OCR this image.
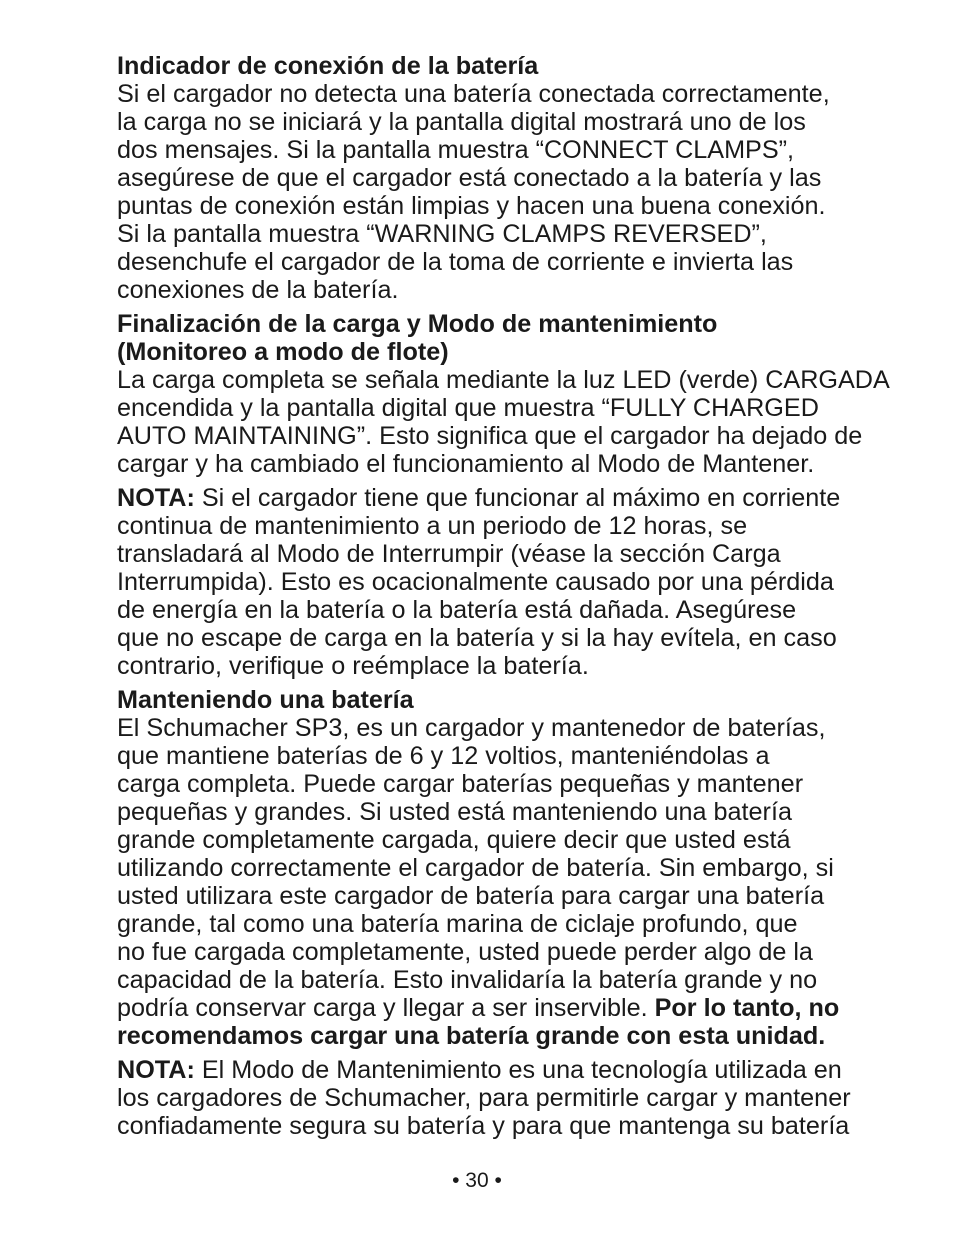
Indicador de conexión de la batería
Si el cargador no detecta una batería conectada correctamente,
la carga no se iniciará y la pantalla digital mostrará uno de los
dos mensajes. Si la pantalla muestra “CONNECT CLAMPS”,
asegúrese de que el cargador está conectado a la batería y las
puntas de conexión están limpias y hacen una buena conexión.
Si la pantalla muestra “WARNING CLAMPS REVERSED”,
desenchufe el cargador de la toma de corriente e invierta las
conexiones de la batería.
Finalización de la carga y Modo de mantenimiento
(Monitoreo a modo de flote)
La carga completa se señala mediante la luz LED (verde) CARGADA
encendida y la pantalla digital que muestra “FULLY CHARGED
AUTO MAINTAINING”. Esto significa que el cargador ha dejado de
cargar y ha cambiado el funcionamiento al Modo de Mantener.
NOTA: Si el cargador tiene que funcionar al máximo en corriente
continua de mantenimiento a un periodo de 12 horas, se
transladará al Modo de Interrumpir (véase la sección Carga
Interrumpida). Esto es ocacionalmente causado por una pérdida
de energía en la batería o la batería está dañada. Asegúrese
que no escape de carga en la batería y si la hay evítela, en caso
contrario, verifique o reémplace la batería.
Manteniendo una batería
El Schumacher SP3, es un cargador y mantenedor de baterías,
que mantiene baterías de 6 y 12 voltios, manteniéndolas a
carga completa. Puede cargar baterías pequeñas y mantener
pequeñas y grandes. Si usted está manteniendo una batería
grande completamente cargada, quiere decir que usted está
utilizando correctamente el cargador de batería. Sin embargo, si
usted utilizara este cargador de batería para cargar una batería
grande, tal como una batería marina de ciclaje profundo, que
no fue cargada completamente, usted puede perder algo de la
capacidad de la batería. Esto invalidaría la batería grande y no
podría conservar carga y llegar a ser inservible. Por lo tanto, no
recomendamos cargar una batería grande con esta unidad.
NOTA: El Modo de Mantenimiento es una tecnología utilizada en
los cargadores de Schumacher, para permitirle cargar y mantener
confiadamente segura su batería y para que mantenga su batería
• 30 •
